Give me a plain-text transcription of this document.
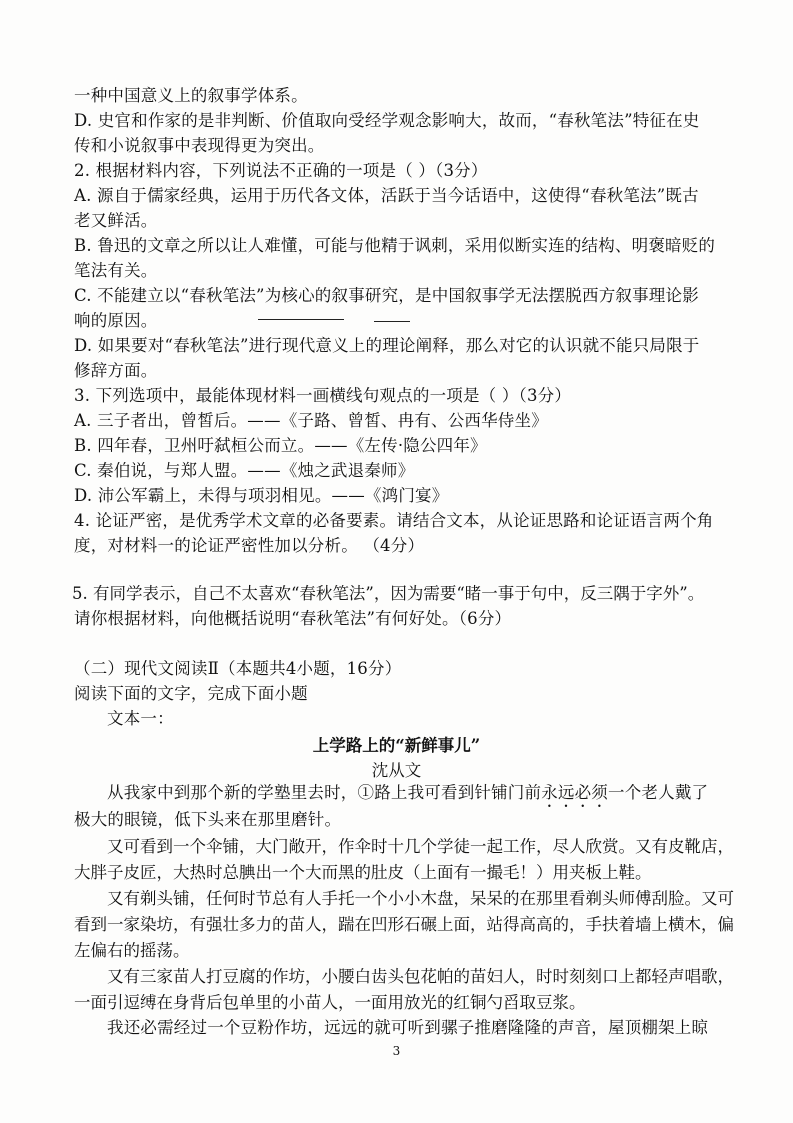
一种中国意义上的叙事学体系。
D. 史官和作家的是非判断、价值取向受经学观念影响大，故而，“春秋笔法”特征在史
传和小说叙事中表现得更为突出。
2. 根据材料内容，下列说法不正确的一项是（ ）（3分）
A. 源自于儒家经典，运用于历代各文体，活跃于当今话语中，这使得“春秋笔法”既古
老又鲜活。
B. 鲁迅的文章之所以让人难懂，可能与他精于讽刺，采用似断实连的结构、明褒暗贬的
笔法有关。
C. 不能建立以“春秋笔法”为核心的叙事研究，是中国叙事学无法摆脱西方叙事理论影
响的原因。
D. 如果要对“春秋笔法”进行现代意义上的理论阐释，那么对它的认识就不能只局限于
修辞方面。
3. 下列选项中，最能体现材料一画横线句观点的一项是（ ）（3分）
A. 三子者出，曾皙后。——《子路、曾皙、冉有、公西华侍坐》
B. 四年春，卫州吁弑桓公而立。——《左传·隐公四年》
C. 秦伯说，与郑人盟。——《烛之武退秦师》
D. 沛公军霸上，未得与项羽相见。——《鸿门宴》
4. 论证严密，是优秀学术文章的必备要素。请结合文本，从论证思路和论证语言两个角
度，对材料一的论证严密性加以分析。 （4分）
5. 有同学表示，自己不太喜欢“春秋笔法”，因为需要“睹一事于句中，反三隅于字外”。
请你根据材料，向他概括说明“春秋笔法”有何好处。（6分）
（二）现代文阅读Ⅱ（本题共4小题，16分）
阅读下面的文字，完成下面小题
文本一：
上学路上的“新鲜事儿”
沈从文
从我家中到那个新的学塾里去时，①路上我可看到针铺门前永远必须一个老人戴了
极大的眼镜，低下头来在那里磨针。
又可看到一个伞铺，大门敞开，作伞时十几个学徒一起工作，尽人欣赏。又有皮靴店，大胖子皮匠，大热时总腆出一个大而黑的肚皮（上面有一撮毛！）用夹板上鞋。
又有剃头铺，任何时节总有人手托一个小小木盘，呆呆的在那里看剃头师傅刮脸。又可看到一家染坊，有强壮多力的苗人，踹在凹形石碾上面，站得高高的，手扶着墙上横木，偏左偏右的摇荡。
又有三家苗人打豆腐的作坊，小腰白齿头包花帕的苗妇人，时时刻刻口上都轻声唱歌，一面引逗缚在身背后包单里的小苗人，一面用放光的红铜勺舀取豆浆。
我还必需经过一个豆粉作坊，远远的就可听到骡子推磨隆隆的声音，屋顶棚架上晾
3
